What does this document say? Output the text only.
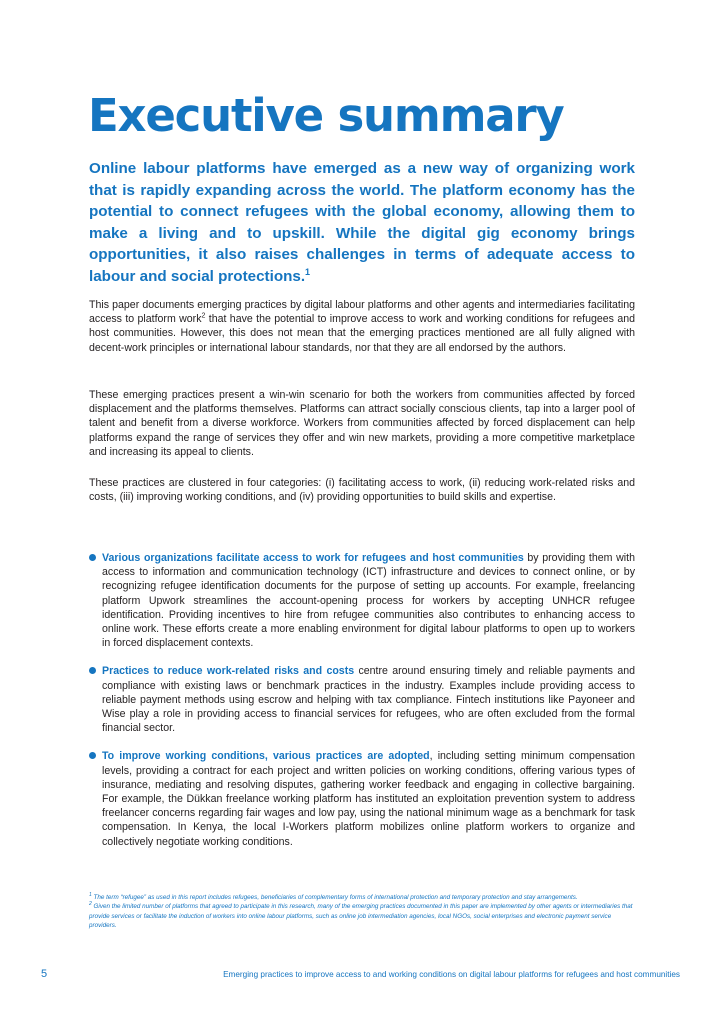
Executive summary

Online labour platforms have emerged as a new way of organizing work that is rapidly expanding across the world. The platform economy has the potential to connect refugees with the global economy, allowing them to make a living and to upskill. While the digital gig economy brings opportunities, it also raises challenges in terms of adequate access to labour and social protections.$^1$

This paper documents emerging practices by digital labour platforms and other agents and intermediaries facilitating access to platform work$^2$ that have the potential to improve access to work and working conditions for refugees and host communities. However, this does not mean that the emerging practices mentioned are all fully aligned with decent-work principles or international labour standards, nor that they are all endorsed by the authors.

These emerging practices present a win-win scenario for both the workers from communities affected by forced displacement and the platforms themselves. Platforms can attract socially conscious clients, tap into a larger pool of talent and benefit from a diverse workforce. Workers from communities affected by forced displacement can help platforms expand the range of services they offer and win new markets, providing a more competitive marketplace and increasing its appeal to clients.

These practices are clustered in four categories: (i) facilitating access to work, (ii) reducing work-related risks and costs, (iii) improving working conditions, and (iv) providing opportunities to build skills and expertise.

Various organizations facilitate access to work for refugees and host communities by providing them with access to information and communication technology (ICT) infrastructure and devices to connect online, or by recognizing refugee identification documents for the purpose of setting up accounts. For example, freelancing platform Upwork streamlines the account-opening process for workers by accepting UNHCR refugee identification. Providing incentives to hire from refugee communities also contributes to enhancing access to online work. These efforts create a more enabling environment for digital labour platforms to open up to workers in forced displacement contexts.
Practices to reduce work-related risks and costs centre around ensuring timely and reliable payments and compliance with existing laws or benchmark practices in the industry. Examples include providing access to reliable payment methods using escrow and helping with tax compliance. Fintech institutions like Payoneer and Wise play a role in providing access to financial services for refugees, who are often excluded from the formal financial sector.
To improve working conditions, various practices are adopted, including setting minimum compensation levels, providing a contract for each project and written policies on working conditions, offering various types of insurance, mediating and resolving disputes, gathering worker feedback and engaging in collective bargaining. For example, the Dükkan freelance working platform has instituted an exploitation prevention system to address freelancer concerns regarding fair wages and low pay, using the national minimum wage as a benchmark for task compensation. In Kenya, the local I-Workers platform mobilizes online platform workers to organize and collectively negotiate working conditions.

$^1$ The term “refugee” as used in this report includes refugees, beneficiaries of complementary forms of international protection and temporary protection and stay arrangements.

$^2$ Given the limited number of platforms that agreed to participate in this research, many of the emerging practices documented in this paper are implemented by other agents or intermediaries that provide services or facilitate the induction of workers into online labour platforms, such as online job intermediation agencies, local NGOs, social enterprises and electronic payment service providers.

5	Emerging practices to improve access to and working conditions on digital labour platforms for refugees and host communities
